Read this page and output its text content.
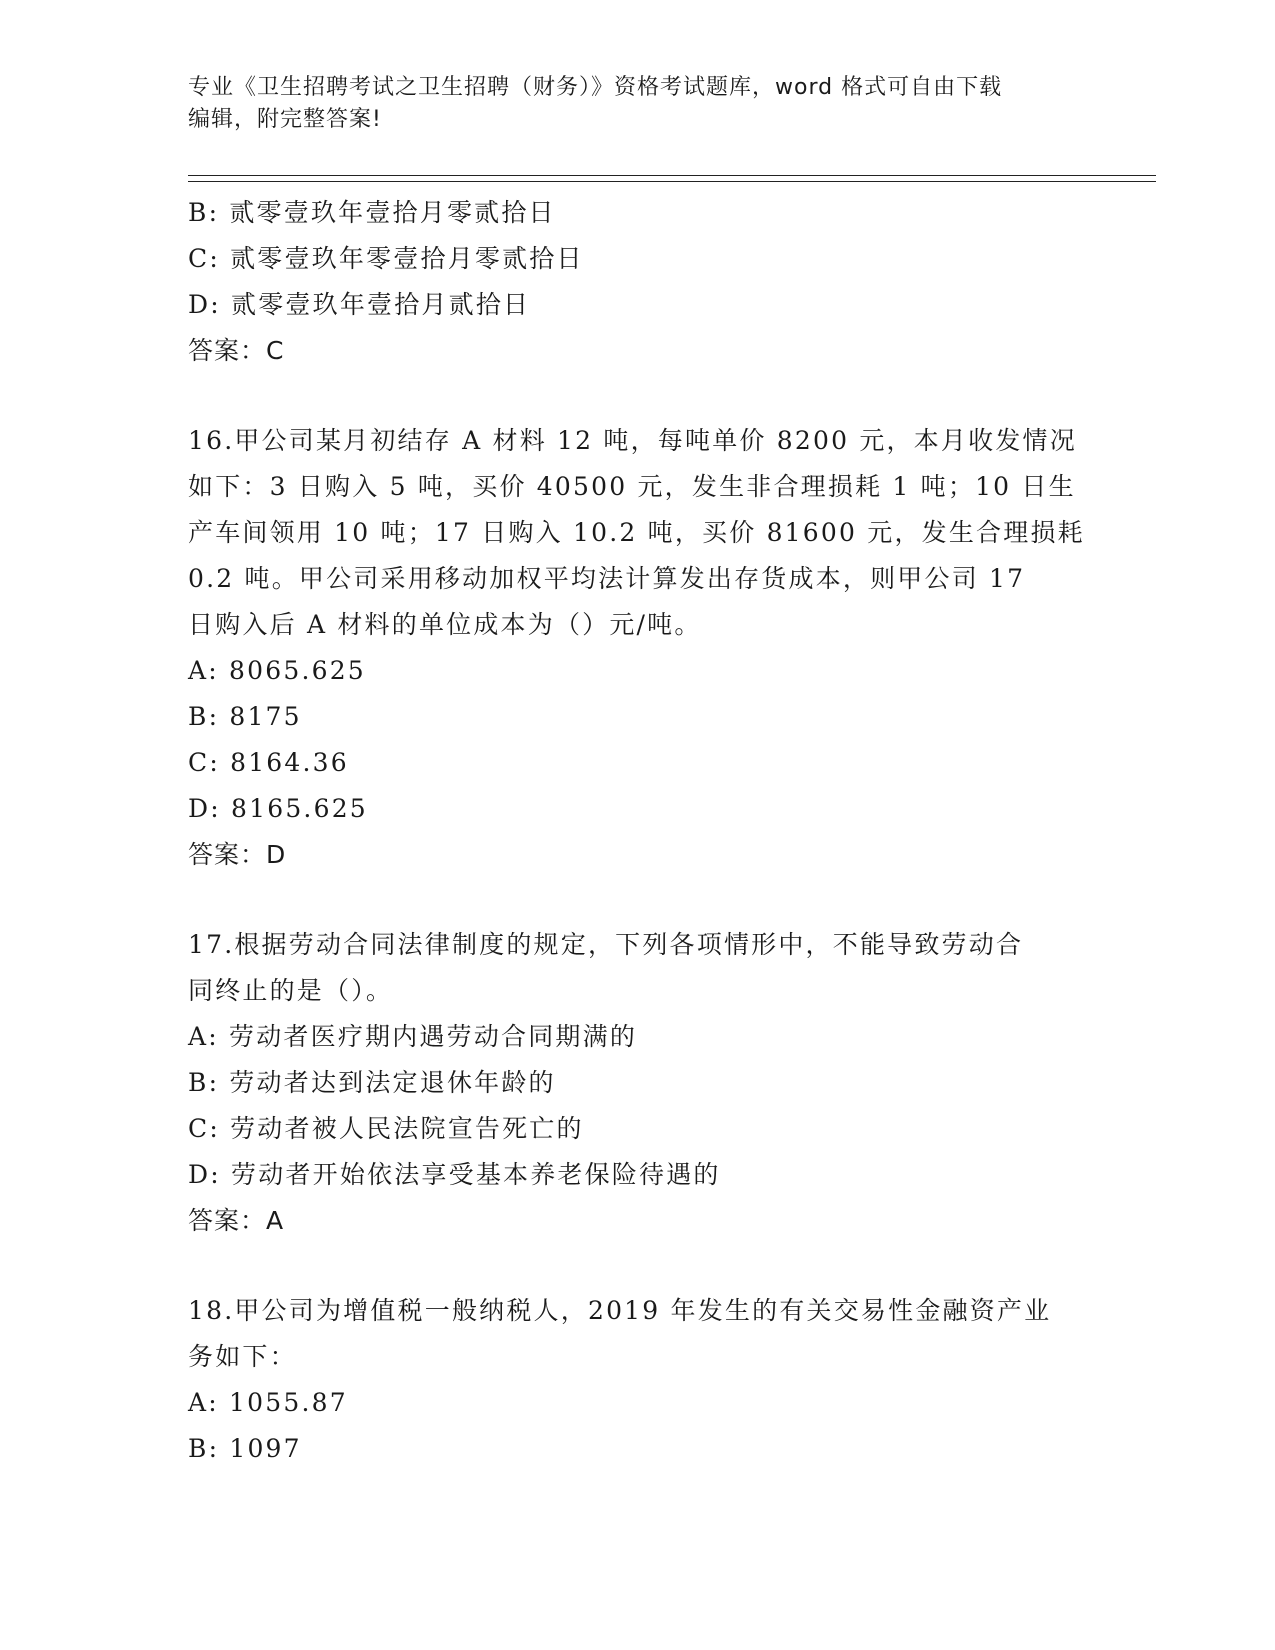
专业《卫生招聘考试之卫生招聘（财务）》资格考试题库，word 格式可自由下载
编辑，附完整答案!
B: 贰零壹玖年壹拾月零贰拾日
C: 贰零壹玖年零壹拾月零贰拾日
D: 贰零壹玖年壹拾月贰拾日
答案：C
16.甲公司某月初结存 A 材料 12 吨，每吨单价 8200 元，本月收发情况
如下：3 日购入 5 吨，买价 40500 元，发生非合理损耗 1 吨；10 日生
产车间领用 10 吨；17 日购入 10.2 吨，买价 81600 元，发生合理损耗
0.2 吨。甲公司采用移动加权平均法计算发出存货成本，则甲公司 17
日购入后 A 材料的单位成本为（）元/吨。
A: 8065.625
B: 8175
C: 8164.36
D: 8165.625
答案：D
17.根据劳动合同法律制度的规定，下列各项情形中，不能导致劳动合
同终止的是（）。
A: 劳动者医疗期内遇劳动合同期满的
B: 劳动者达到法定退休年龄的
C: 劳动者被人民法院宣告死亡的
D: 劳动者开始依法享受基本养老保险待遇的
答案：A
18.甲公司为增值税一般纳税人，2019 年发生的有关交易性金融资产业
务如下：
A: 1055.87
B: 1097
